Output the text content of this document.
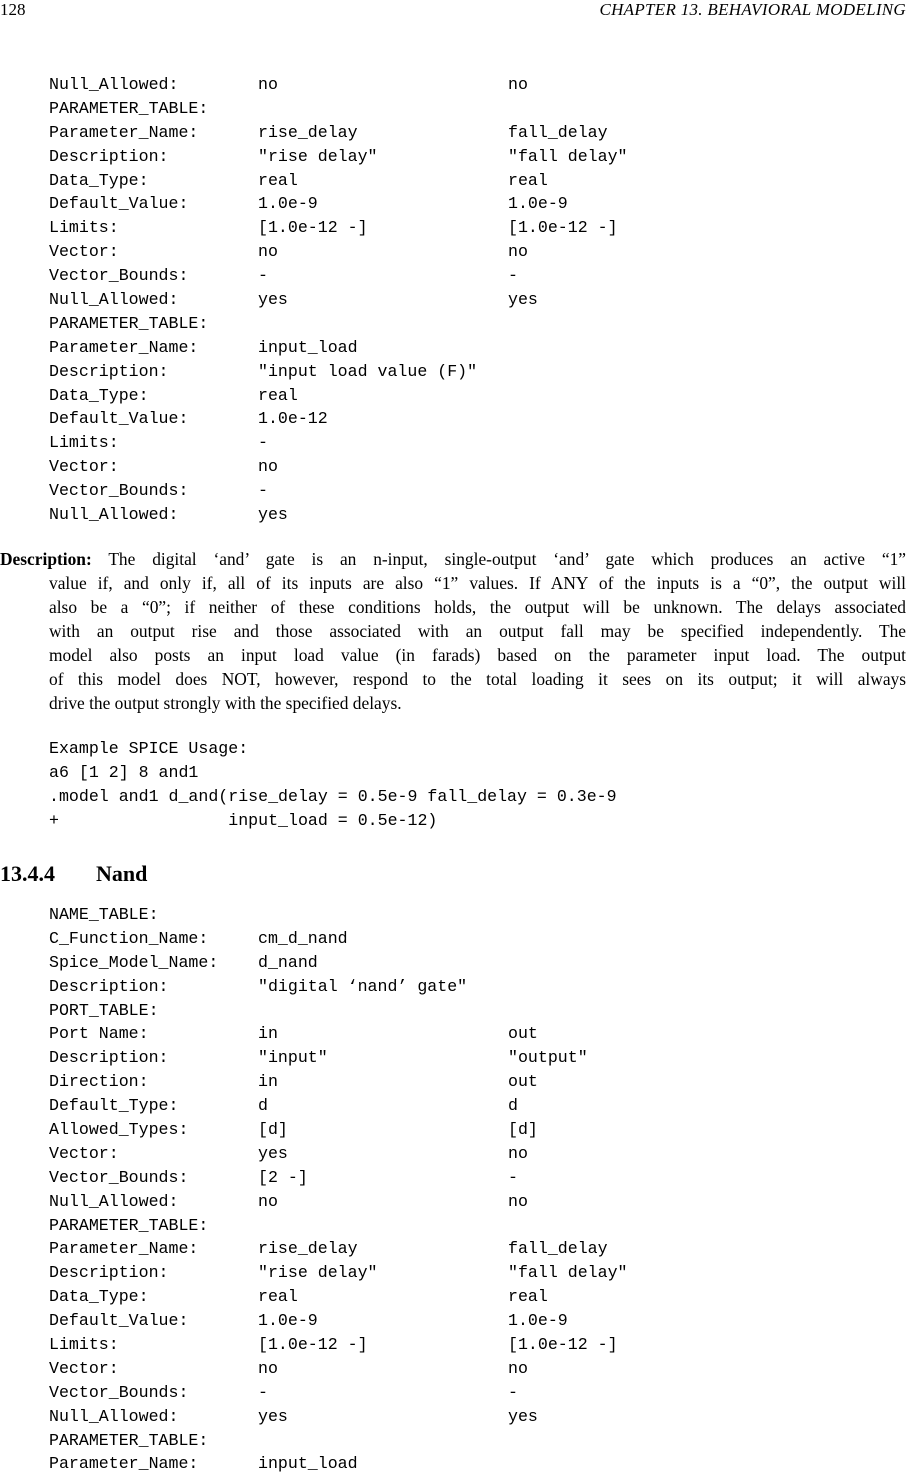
128	CHAPTER 13. BEHAVIORAL MODELING
Null_Allowed:	no	no
PARAMETER_TABLE:
Parameter_Name:	rise_delay	fall_delay
Description:	"rise delay"	"fall delay"
Data_Type:	real	real
Default_Value:	1.0e-9	1.0e-9
Limits:	[1.0e-12 -]	[1.0e-12 -]
Vector:	no	no
Vector_Bounds:	-	-
Null_Allowed:	yes	yes
PARAMETER_TABLE:
Parameter_Name:	input_load
Description:	"input load value (F)"
Data_Type:	real
Default_Value:	1.0e-12
Limits:	-
Vector:	no
Vector_Bounds:	-
Null_Allowed:	yes
Description: The digital ‘and’ gate is an n-input, single-output ‘and’ gate which produces an active “1”
value if, and only if, all of its inputs are also “1” values. If ANY of the inputs is a “0”, the output will
also be a “0”; if neither of these conditions holds, the output will be unknown. The delays associated
with an output rise and those associated with an output fall may be specified independently. The
model also posts an input load value (in farads) based on the parameter input load. The output
of this model does NOT, however, respond to the total loading it sees on its output; it will always
drive the output strongly with the specified delays.
Example SPICE Usage:
a6 [1 2] 8 and1
.model and1 d_and(rise_delay = 0.5e-9 fall_delay = 0.3e-9
+                 input_load = 0.5e-12)
13.4.4 Nand
NAME_TABLE:
C_Function_Name:	cm_d_nand
Spice_Model_Name: d_nand
Description:	"digital ‘nand’ gate"
PORT_TABLE:
Port Name:	in	out
Description:	"input"	"output"
Direction:	in	out
Default_Type:	d	d
Allowed_Types:	[d]	[d]
Vector:	yes	no
Vector_Bounds:	[2 -]	-
Null_Allowed:	no	no
PARAMETER_TABLE:
Parameter_Name:	rise_delay	fall_delay
Description:	"rise delay"	"fall delay"
Data_Type:	real	real
Default_Value:	1.0e-9	1.0e-9
Limits:	[1.0e-12 -]	[1.0e-12 -]
Vector:	no	no
Vector_Bounds:	-	-
Null_Allowed:	yes	yes
PARAMETER_TABLE:
Parameter_Name:	input_load
